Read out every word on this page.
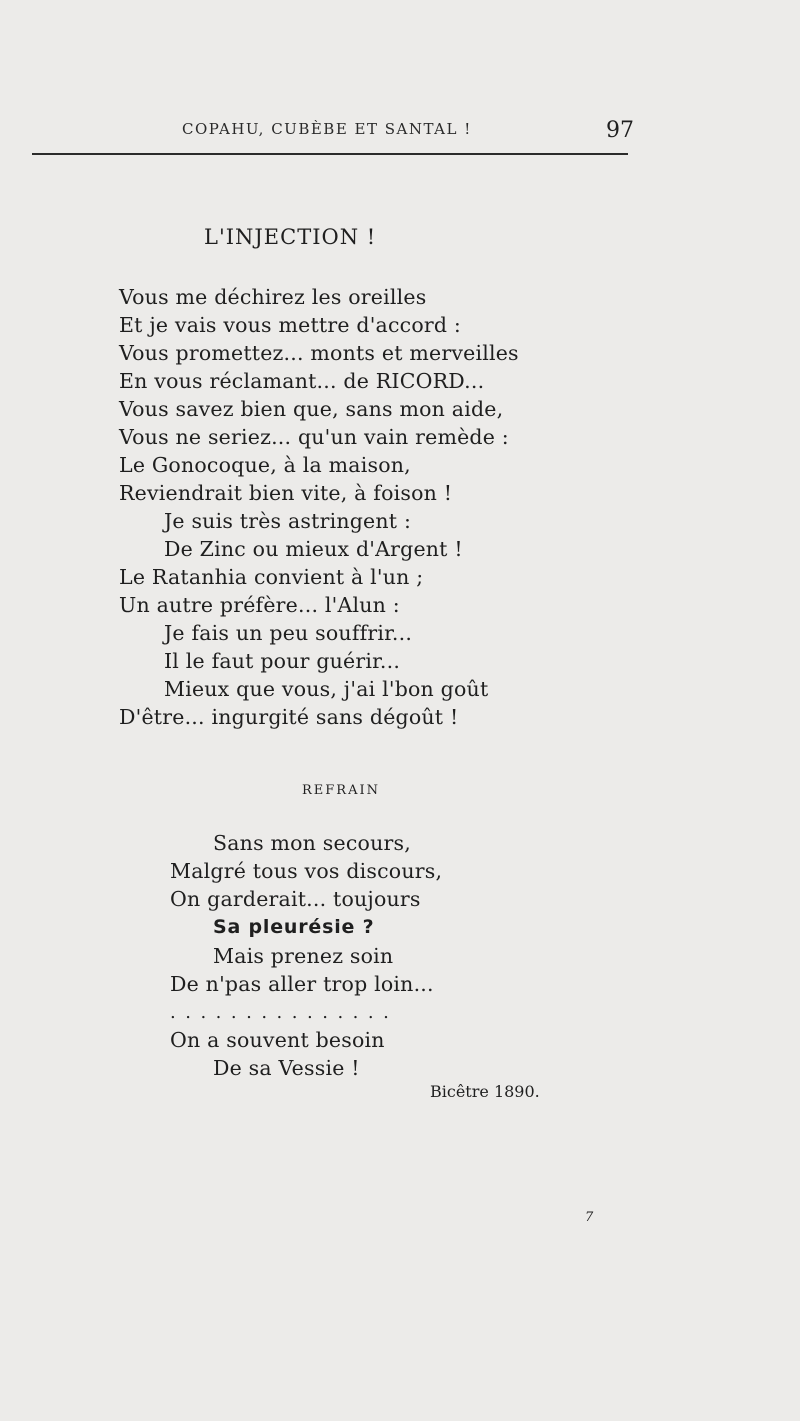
COPAHU, CUBÈBE ET SANTAL !	97
L'INJECTION !
Vous me déchirez les oreilles
Et je vais vous mettre d'accord :
Vous promettez... monts et merveilles
En vous réclamant... de RICORD...
Vous savez bien que, sans mon aide,
Vous ne seriez... qu'un vain remède :
Le Gonocoque, à la maison,
Reviendrait bien vite, à foison !
Je suis très astringent :
De Zinc ou mieux d'Argent !
Le Ratanhia convient à l'un ;
Un autre préfère... l'Alun :
Je fais un peu souffrir...
Il le faut pour guérir...
Mieux que vous, j'ai l'bon goût
D'être... ingurgité sans dégoût !
REFRAIN
Sans mon secours,
Malgré tous vos discours,
On garderait... toujours
Sa pleurésie ?
Mais prenez soin
De n'pas aller trop loin...
...............
On a souvent besoin
De sa Vessie !
Bicêtre 1890.
7
